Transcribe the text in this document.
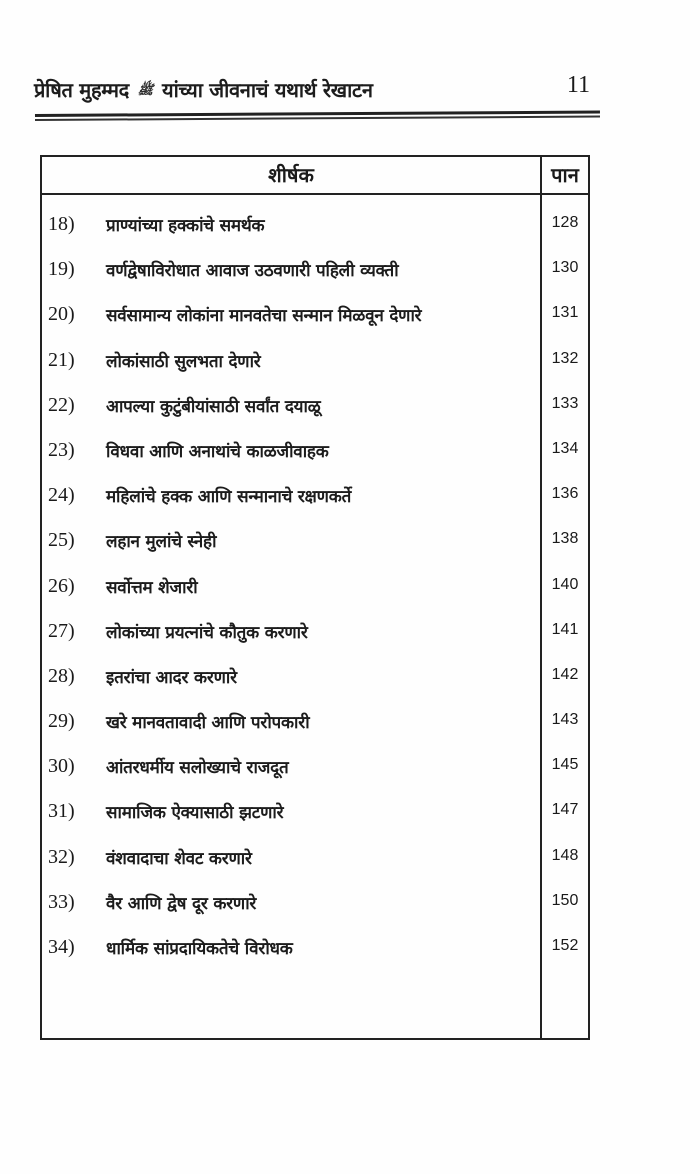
प्रेषित मुहम्मद ﷺ यांच्या जीवनाचं यथार्थ रेखाटन	11
शीर्षक	पान
18) प्राण्यांच्या हक्कांचे समर्थक	128
19) वर्णद्वेषाविरोधात आवाज उठवणारी पहिली व्यक्ती	130
20) सर्वसामान्य लोकांना मानवतेचा सन्मान मिळवून देणारे	131
21) लोकांसाठी सुलभता देणारे	132
22) आपल्या कुटुंबीयांसाठी सर्वांत दयाळू	133
23) विधवा आणि अनाथांचे काळजीवाहक	134
24) महिलांचे हक्क आणि सन्मानाचे रक्षणकर्ते	136
25) लहान मुलांचे स्नेही	138
26) सर्वोत्तम शेजारी	140
27) लोकांच्या प्रयत्नांचे कौतुक करणारे	141
28) इतरांचा आदर करणारे	142
29) खरे मानवतावादी आणि परोपकारी	143
30) आंतरधर्मीय सलोख्याचे राजदूत	145
31) सामाजिक ऐक्यासाठी झटणारे	147
32) वंशवादाचा शेवट करणारे	148
33) वैर आणि द्वेष दूर करणारे	150
34) धार्मिक सांप्रदायिकतेचे विरोधक	152
